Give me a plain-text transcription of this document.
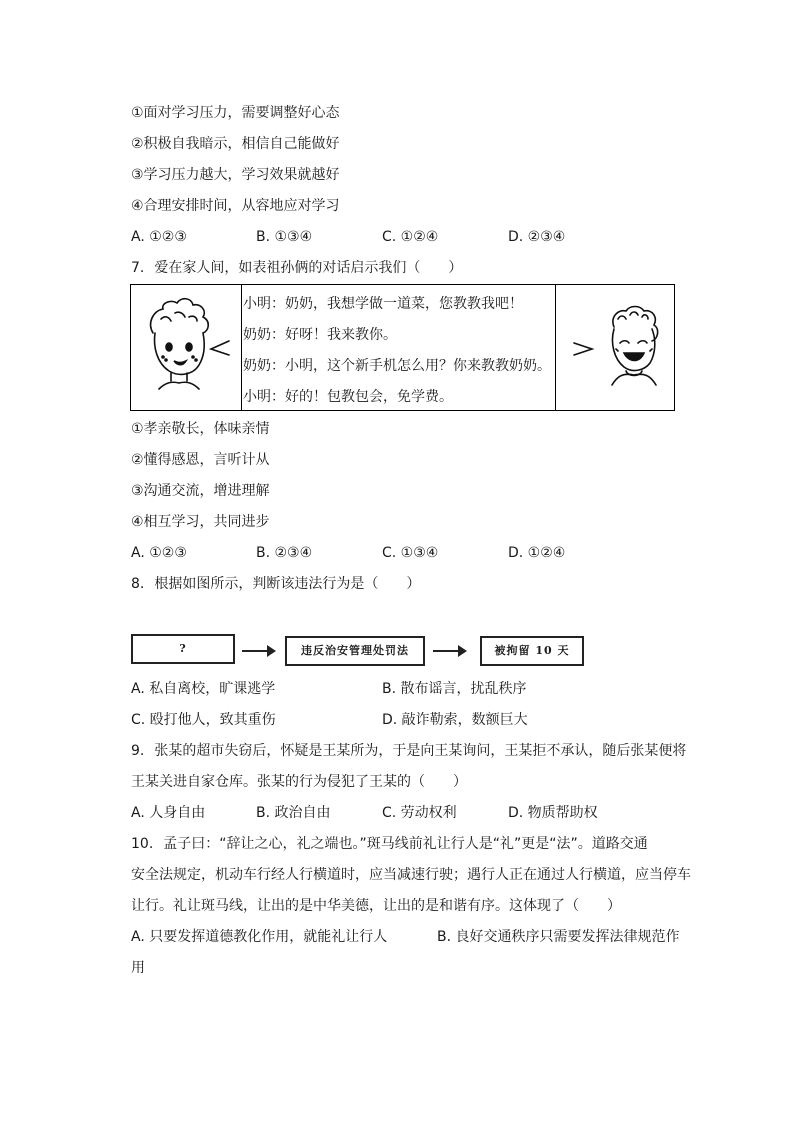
①面对学习压力，需要调整好心态
②积极自我暗示，相信自己能做好
③学习压力越大，学习效果就越好
④合理安排时间，从容地应对学习
A. ①②③	B. ①③④	C. ①②④	D. ②③④
7. 爱在家人间，如表祖孙俩的对话启示我们（　　）
小明：奶奶，我想学做一道菜，您教教我吧！
奶奶：好呀！我来教你。
奶奶：小明，这个新手机怎么用？你来教教奶奶。
小明：好的！包教包会，免学费。
①孝亲敬长，体味亲情
②懂得感恩，言听计从
③沟通交流，增进理解
④相互学习，共同进步
A. ①②③	B. ②③④	C. ①③④	D. ①②④
8. 根据如图所示，判断该违法行为是（　　）
?	违反治安管理处罚法	被拘留 10 天
A. 私自离校，旷课逃学	B. 散布谣言，扰乱秩序
C. 殴打他人，致其重伤	D. 敲诈勒索，数额巨大
9. 张某的超市失窃后，怀疑是王某所为，于是向王某询问，王某拒不承认，随后张某便将
王某关进自家仓库。张某的行为侵犯了王某的（　　）
A. 人身自由	B. 政治自由	C. 劳动权利	D. 物质帮助权
10. 孟子曰：“辞让之心，礼之端也。”斑马线前礼让行人是“礼”更是“法”。道路交通
安全法规定，机动车行经人行横道时，应当减速行驶；遇行人正在通过人行横道，应当停车
让行。礼让斑马线，让出的是中华美德，让出的是和谐有序。这体现了（　　）
A. 只要发挥道德教化作用，就能礼让行人	B. 良好交通秩序只需要发挥法律规范作
用
